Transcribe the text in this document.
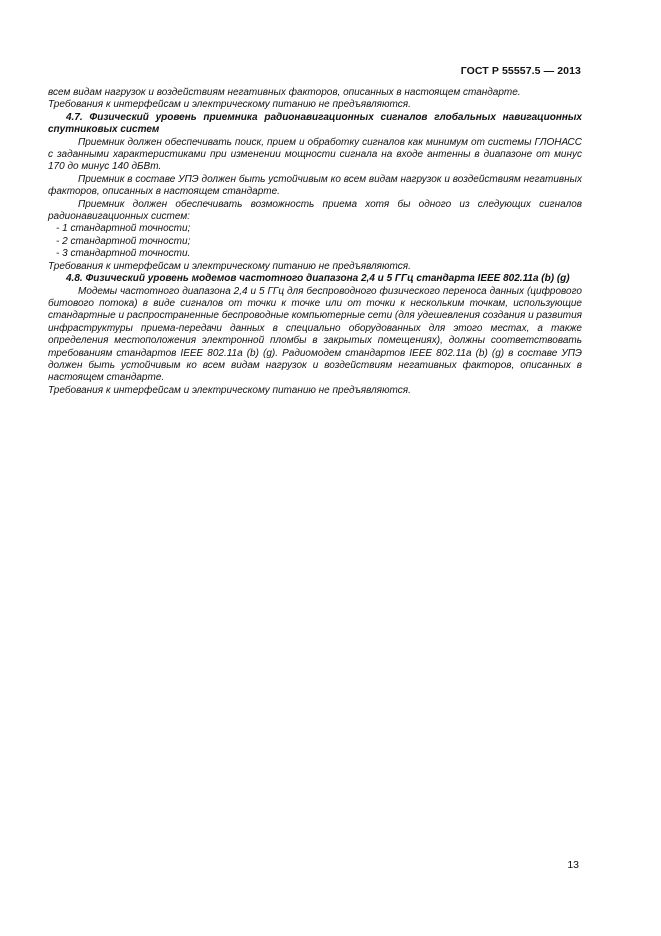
ГОСТ Р 55557.5 — 2013

всем видам нагрузок и воздействиям негативных факторов, описанных в настоящем стандарте.

Требования к интерфейсам и электрическому питанию не предъявляются.

4.7. Физический уровень приемника радионавигационных сигналов глобальных навигационных спутниковых систем

Приемник должен обеспечивать поиск, прием и обработку сигналов как минимум от системы ГЛОНАСС с заданными характеристиками при изменении мощности сигнала на входе антенны в диапазоне от минус 170 до минус 140 дБВт.

Приемник в составе УПЭ должен быть устойчивым ко всем видам нагрузок и воздействиям негативных факторов, описанных в настоящем стандарте.

Приемник должен обеспечивать возможность приема хотя бы одного из следующих сигналов радионавигационных систем:

- 1 стандартной точности;

- 2 стандартной точности;

- 3 стандартной точности.

Требования к интерфейсам и электрическому питанию не предъявляются.

4.8. Физический уровень модемов частотного диапазона 2,4 и 5 ГГц стандарта IEEE 802.11a (b) (g)

Модемы частотного диапазона 2,4 и 5 ГГц для беспроводного физического переноса данных (цифрового битового потока) в виде сигналов от точки к точке или от точки к нескольким точкам, использующие стандартные и распространенные беспроводные компьютерные сети (для удешевления создания и развития инфраструктуры приема-передачи данных в специально оборудованных для этого местах, а также определения местоположения электронной пломбы в закрытых помещениях), должны соответствовать требованиям стандартов IEEE 802.11a (b) (g). Радиомодем стандартов IEEE 802.11a (b) (g) в составе УПЭ должен быть устойчивым ко всем видам нагрузок и воздействиям негативных факторов, описанных в настоящем стандарте.

Требования к интерфейсам и электрическому питанию не предъявляются.

13
